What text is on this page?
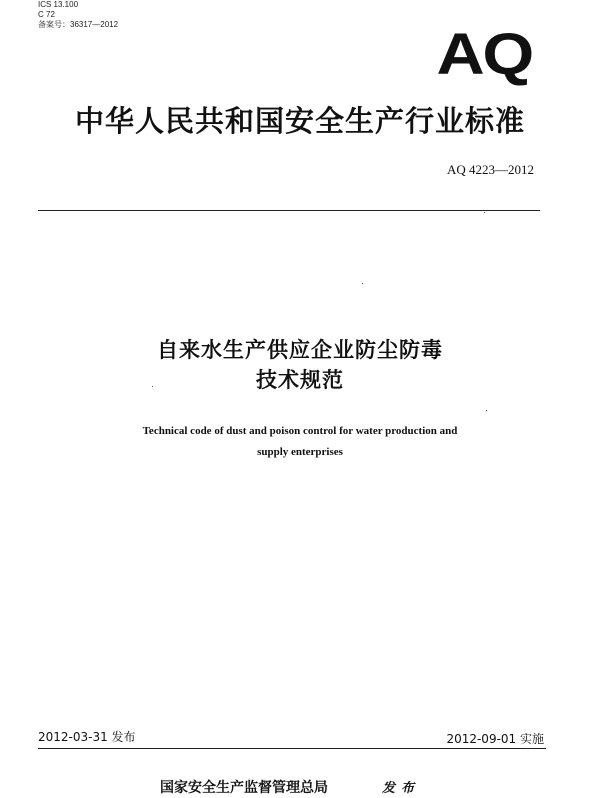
ICS 13.100
C 72
备案号：36317—2012	AQ
中华人民共和国安全生产行业标准
AQ 4223—2012
自来水生产供应企业防尘防毒
技术规范
Technical code of dust and poison control for water production and
supply enterprises
2012-03-31 发布	2012-09-01 实施
国家安全生产监督管理总局	发布
